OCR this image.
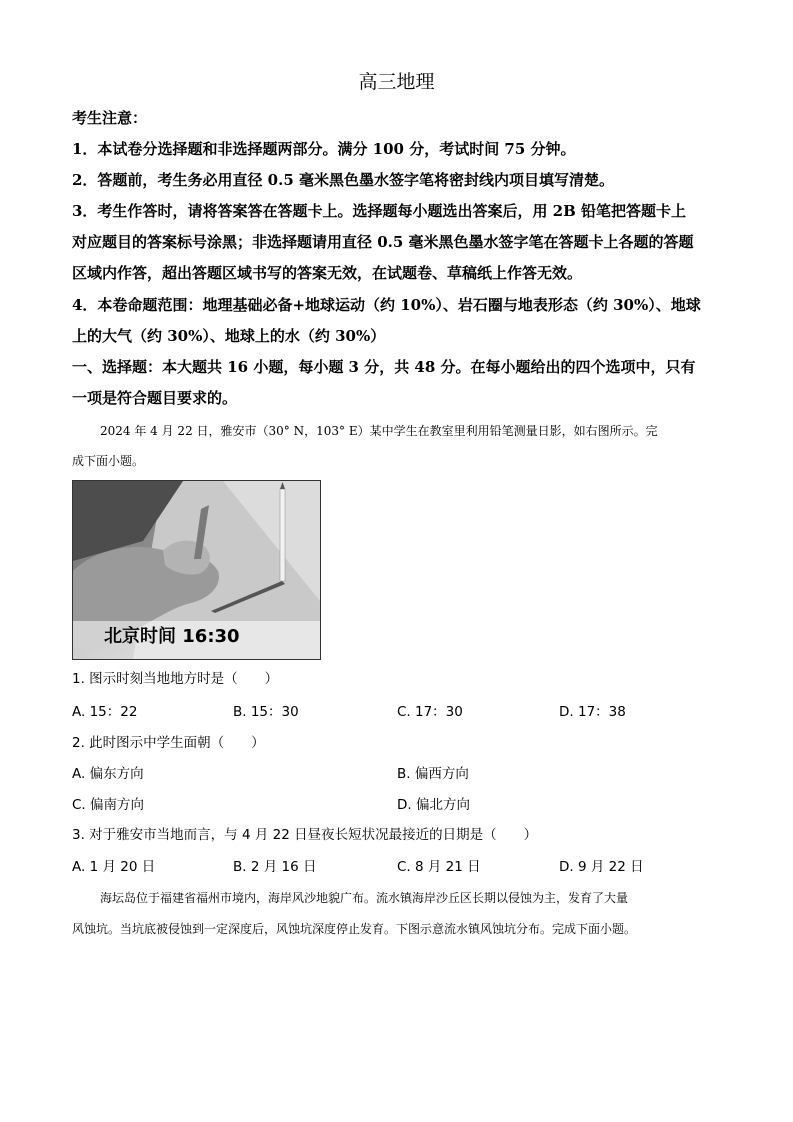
高三地理
考生注意：
1．本试卷分选择题和非选择题两部分。满分 100 分，考试时间 75 分钟。
2．答题前，考生务必用直径 0.5 毫米黑色墨水签字笔将密封线内项目填写清楚。
3．考生作答时，请将答案答在答题卡上。选择题每小题选出答案后，用 2B 铅笔把答题卡上
对应题目的答案标号涂黑；非选择题请用直径 0.5 毫米黑色墨水签字笔在答题卡上各题的答题
区域内作答，超出答题区域书写的答案无效，在试题卷、草稿纸上作答无效。
4．本卷命题范围：地理基础必备+地球运动（约 10%）、岩石圈与地表形态（约 30%）、地球
上的大气（约 30%）、地球上的水（约 30%）
一、选择题：本大题共 16 小题，每小题 3 分，共 48 分。在每小题给出的四个选项中，只有
一项是符合题目要求的。
2024 年 4 月 22 日，雅安市（30° N，103° E）某中学生在教室里利用铅笔测量日影，如右图所示。完
成下面小题。
北京时间 16:30
1. 图示时刻当地地方时是（　　）
A. 15：22	B. 15：30	C. 17：30	D. 17：38
2. 此时图示中学生面朝（　　）
A. 偏东方向	B. 偏西方向
C. 偏南方向	D. 偏北方向
3. 对于雅安市当地而言，与 4 月 22 日昼夜长短状况最接近的日期是（　　）
A. 1 月 20 日	B. 2 月 16 日	C. 8 月 21 日	D. 9 月 22 日
海坛岛位于福建省福州市境内，海岸风沙地貌广布。流水镇海岸沙丘区长期以侵蚀为主，发育了大量
风蚀坑。当坑底被侵蚀到一定深度后，风蚀坑深度停止发育。下图示意流水镇风蚀坑分布。完成下面小题。
